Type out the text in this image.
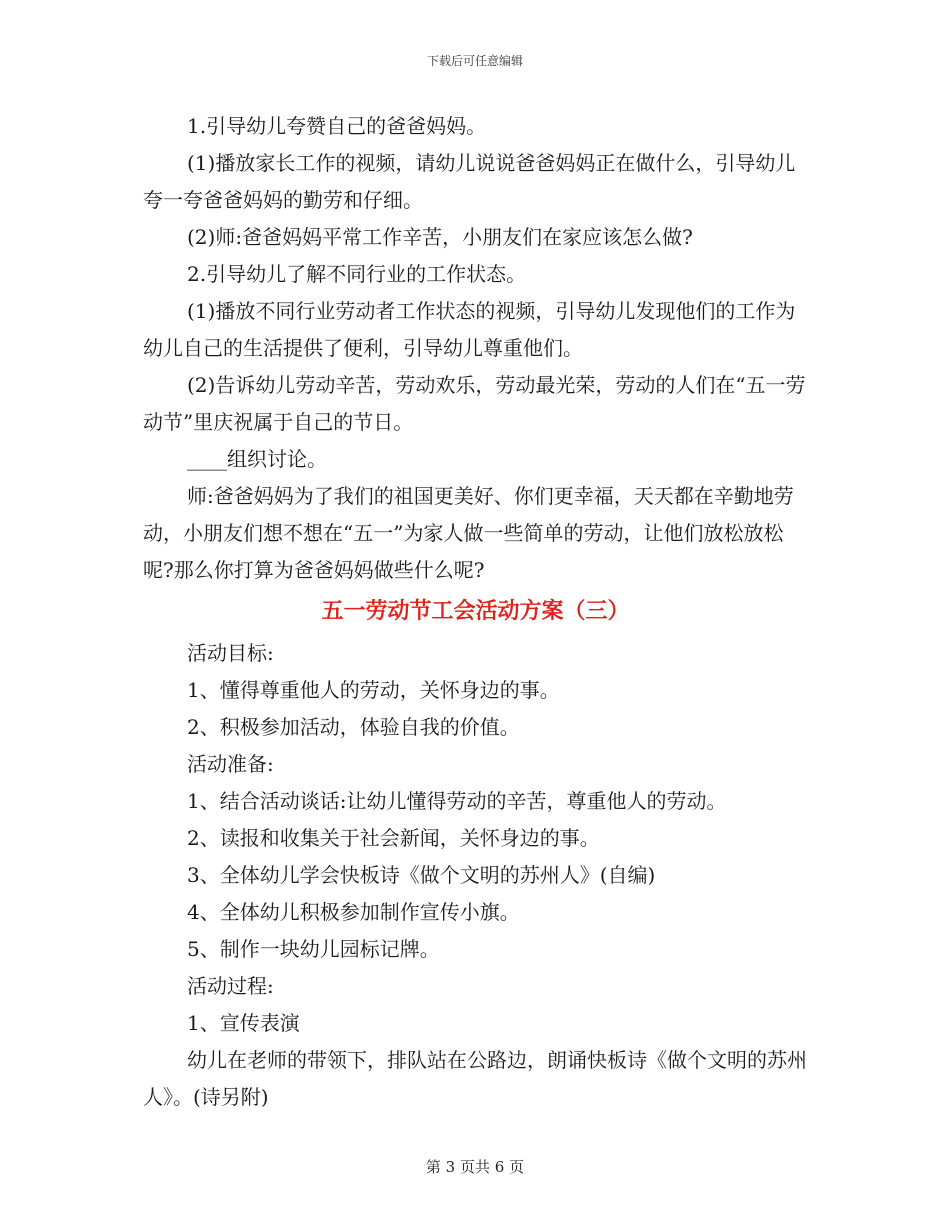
下载后可任意编辑

1.引导幼儿夸赞自己的爸爸妈妈。

(1)播放家长工作的视频，请幼儿说说爸爸妈妈正在做什么，引导幼儿夸一夸爸爸妈妈的勤劳和仔细。

(2)师:爸爸妈妈平常工作辛苦，小朋友们在家应该怎么做?

2.引导幼儿了解不同行业的工作状态。

(1)播放不同行业劳动者工作状态的视频，引导幼儿发现他们的工作为幼儿自己的生活提供了便利，引导幼儿尊重他们。

(2)告诉幼儿劳动辛苦，劳动欢乐，劳动最光荣，劳动的人们在“五一劳动节”里庆祝属于自己的节日。

____组织讨论。

师:爸爸妈妈为了我们的祖国更美好、你们更幸福，天天都在辛勤地劳动，小朋友们想不想在“五一”为家人做一些简单的劳动，让他们放松放松呢?那么你打算为爸爸妈妈做些什么呢?

五一劳动节工会活动方案（三）

活动目标:

1、懂得尊重他人的劳动，关怀身边的事。

2、积极参加活动，体验自我的价值。

活动准备:

1、结合活动谈话:让幼儿懂得劳动的辛苦，尊重他人的劳动。

2、读报和收集关于社会新闻，关怀身边的事。

3、全体幼儿学会快板诗《做个文明的苏州人》(自编)

4、全体幼儿积极参加制作宣传小旗。

5、制作一块幼儿园标记牌。

活动过程:

1、宣传表演

幼儿在老师的带领下，排队站在公路边，朗诵快板诗《做个文明的苏州人》。(诗另附)

第 3 页共 6 页
